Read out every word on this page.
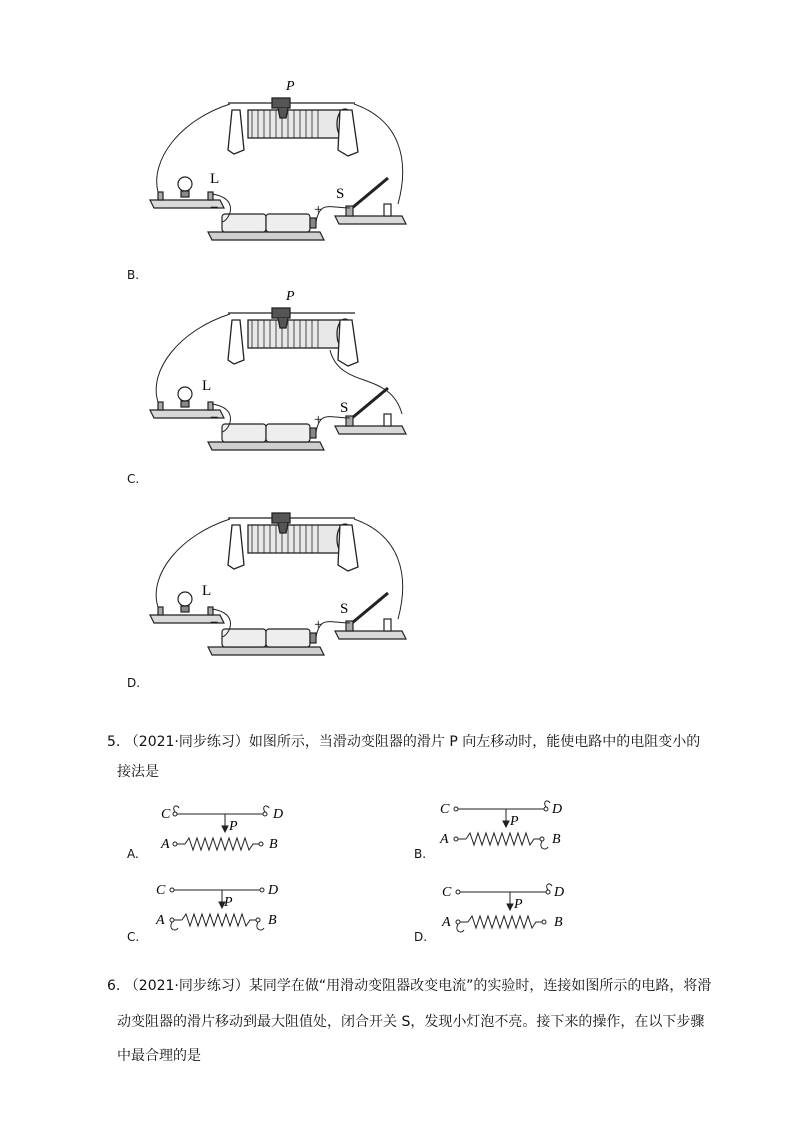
P
L
S
−	+
B.
P
L
S
−	+
C.
L
S
−	+
D.
5. （2021·同步练习）如图所示，当滑动变阻器的滑片 P 向左移动时，能使电路中的电阻变小的
接法是
C	D
P
A	B
A.
C	D
P
A	B
B.
C	D
P
A	B
C.
C	D
P
A	B
D.
6. （2021·同步练习）某同学在做“用滑动变阻器改变电流”的实验时，连接如图所示的电路，将滑
动变阻器的滑片移动到最大阻值处，闭合开关 S，发现小灯泡不亮。接下来的操作，在以下步骤
中最合理的是
